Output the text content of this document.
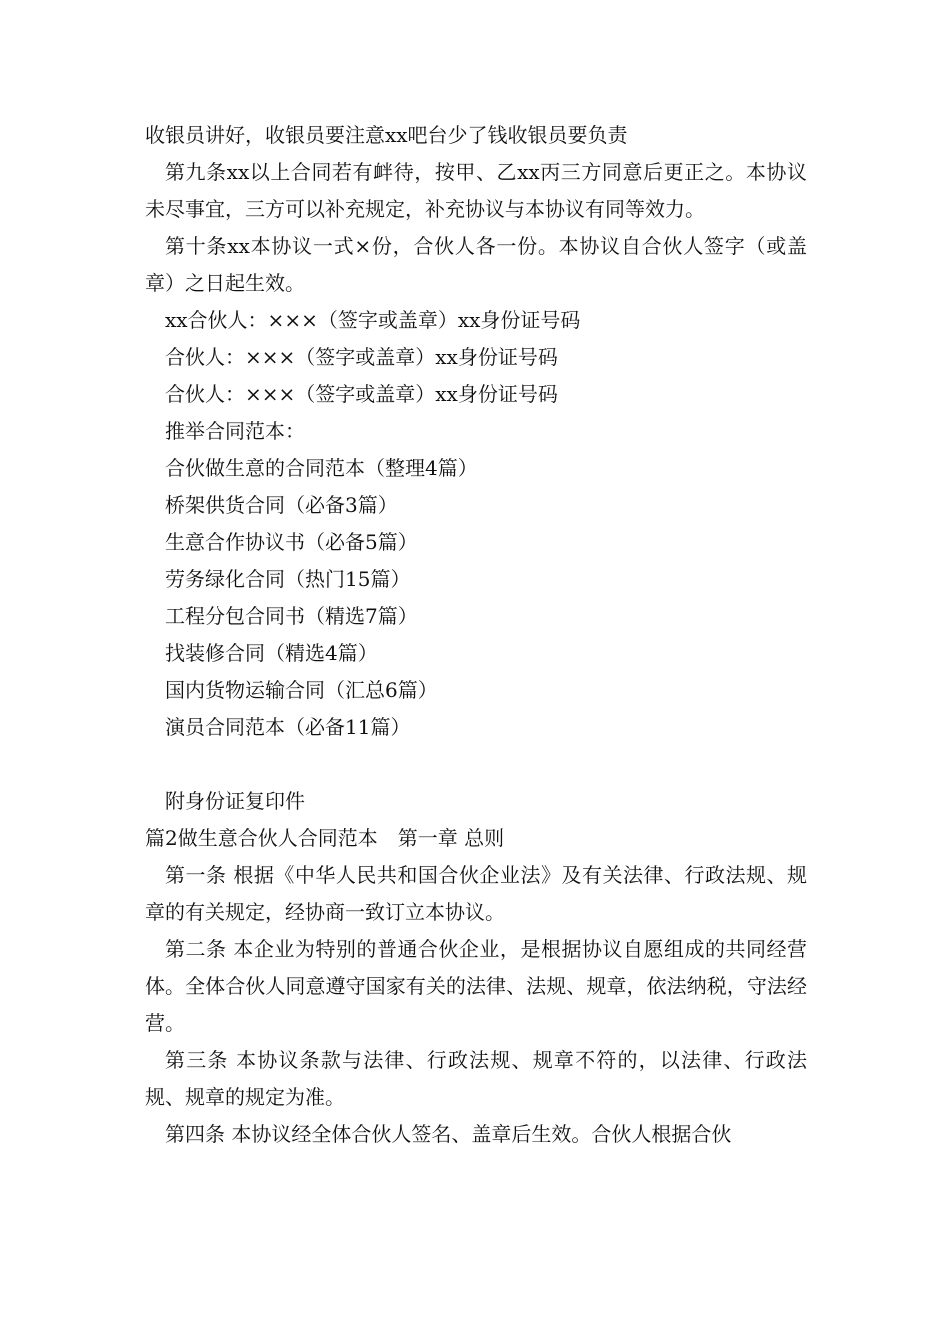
收银员讲好，收银员要注意xx吧台少了钱收银员要负责

第九条xx以上合同若有衅待，按甲、乙xx丙三方同意后更正之。本协议未尽事宜，三方可以补充规定，补充协议与本协议有同等效力。

第十条xx本协议一式×份，合伙人各一份。本协议自合伙人签字（或盖章）之日起生效。

xx合伙人：×××（签字或盖章）xx身份证号码

合伙人：×××（签字或盖章）xx身份证号码

合伙人：×××（签字或盖章）xx身份证号码

推举合同范本：

合伙做生意的合同范本（整理4篇）

桥架供货合同（必备3篇）

生意合作协议书（必备5篇）

劳务绿化合同（热门15篇）

工程分包合同书（精选7篇）

找装修合同（精选4篇）

国内货物运输合同（汇总6篇）

演员合同范本（必备11篇）

附身份证复印件

篇2做生意合伙人合同范本　第一章 总则

第一条 根据《中华人民共和国合伙企业法》及有关法律、行政法规、规章的有关规定，经协商一致订立本协议。

第二条 本企业为特别的普通合伙企业，是根据协议自愿组成的共同经营体。全体合伙人同意遵守国家有关的法律、法规、规章，依法纳税，守法经营。

第三条 本协议条款与法律、行政法规、规章不符的，以法律、行政法规、规章的规定为准。

第四条 本协议经全体合伙人签名、盖章后生效。合伙人根据合伙
